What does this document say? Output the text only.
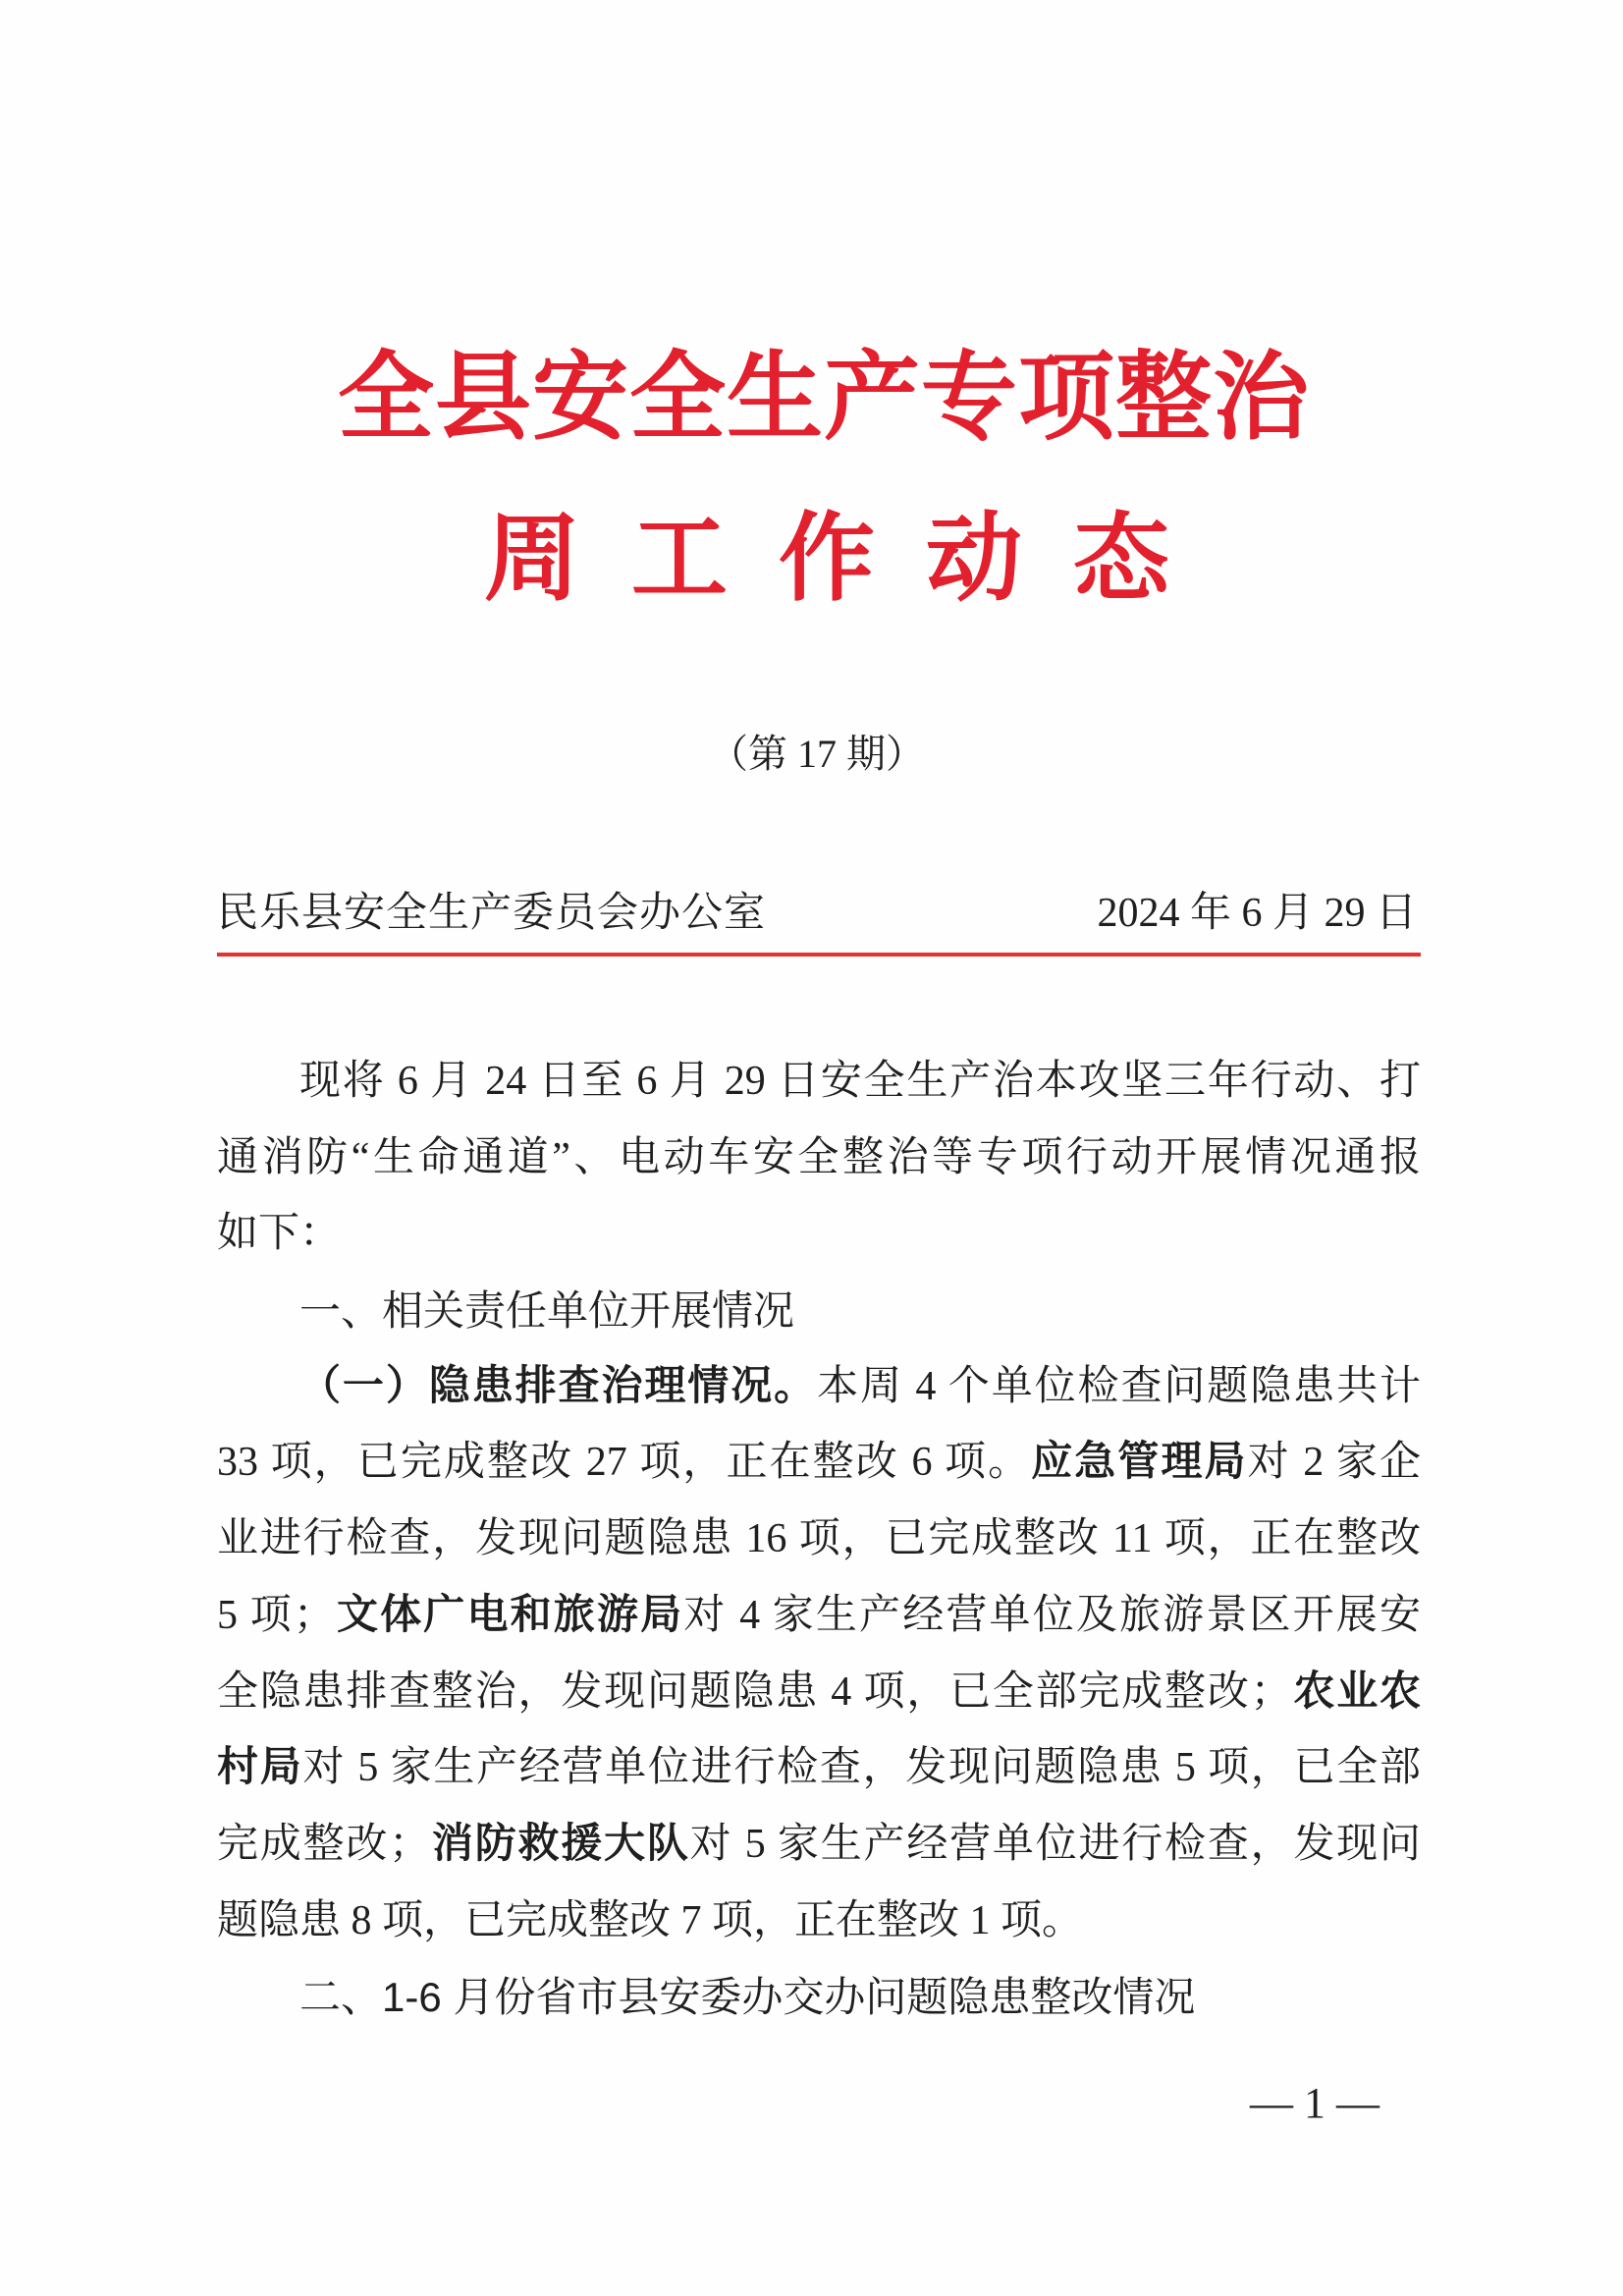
全县安全生产专项整治
周工作动态
（第 17 期）
民乐县安全生产委员会办公室	2024 年 6 月 29 日
现将 6 月 24 日至 6 月 29 日安全生产治本攻坚三年行动、打
通消防“生命通道”、电动车安全整治等专项行动开展情况通报
如下：
一、相关责任单位开展情况
（一）隐患排查治理情况。本周 4 个单位检查问题隐患共计
33 项，已完成整改 27 项，正在整改 6 项。应急管理局对 2 家企
业进行检查，发现问题隐患 16 项，已完成整改 11 项，正在整改
5 项；文体广电和旅游局对 4 家生产经营单位及旅游景区开展安
全隐患排查整治，发现问题隐患 4 项，已全部完成整改；农业农
村局对 5 家生产经营单位进行检查，发现问题隐患 5 项，已全部
完成整改；消防救援大队对 5 家生产经营单位进行检查，发现问
题隐患 8 项，已完成整改 7 项，正在整改 1 项。
二、1-6 月份省市县安委办交办问题隐患整改情况
— 1 —
